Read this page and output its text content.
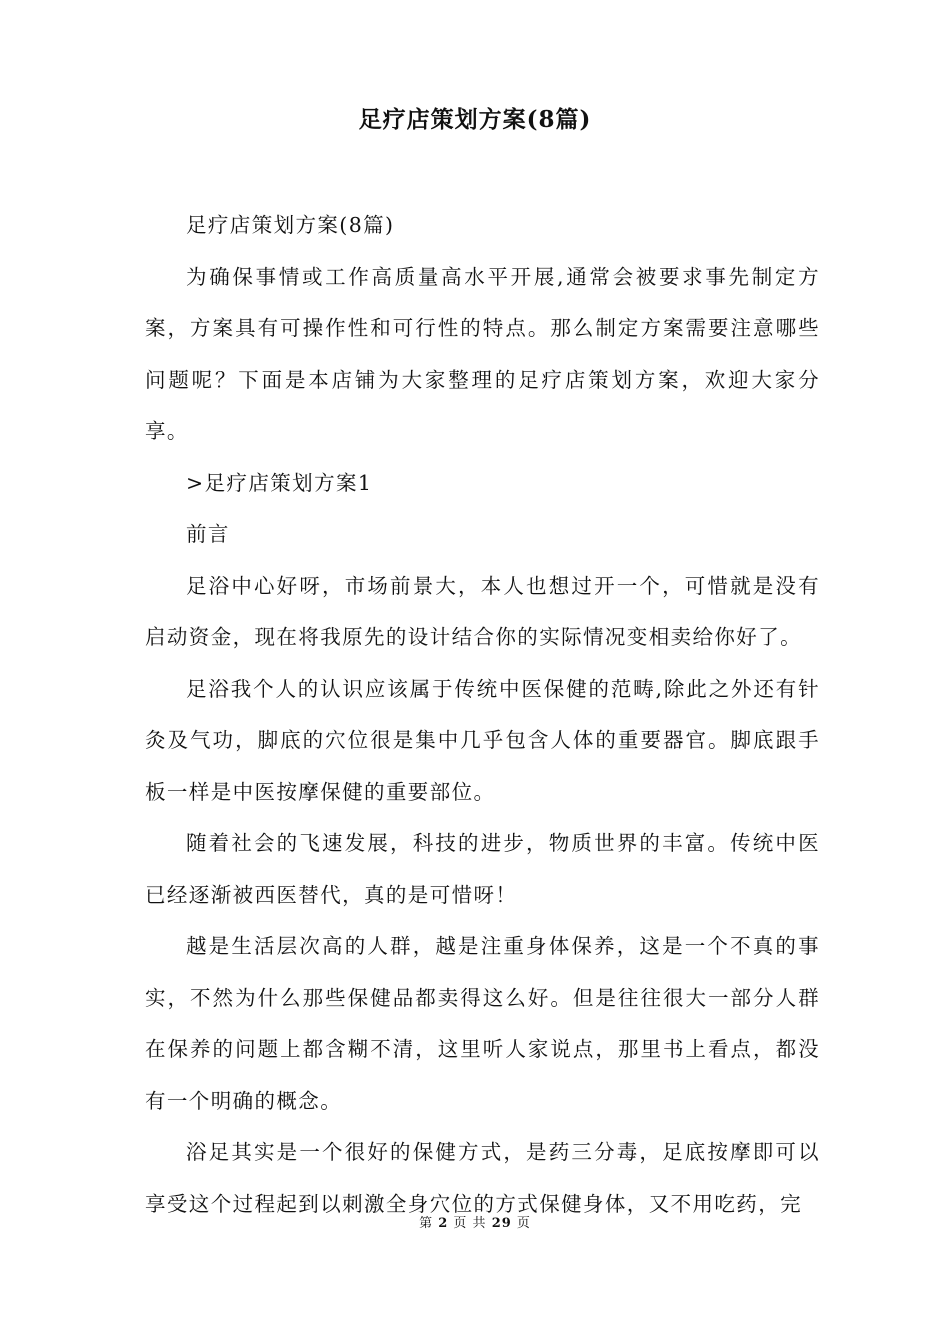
足疗店策划方案(8篇)

足疗店策划方案(8篇)

为确保事情或工作高质量高水平开展,通常会被要求事先制定方案，方案具有可操作性和可行性的特点。那么制定方案需要注意哪些问题呢？下面是本店铺为大家整理的足疗店策划方案，欢迎大家分享。

>足疗店策划方案1

前言

足浴中心好呀，市场前景大，本人也想过开一个，可惜就是没有启动资金，现在将我原先的设计结合你的实际情况变相卖给你好了。

足浴我个人的认识应该属于传统中医保健的范畴,除此之外还有针灸及气功，脚底的穴位很是集中几乎包含人体的重要器官。脚底跟手板一样是中医按摩保健的重要部位。

随着社会的飞速发展，科技的进步，物质世界的丰富。传统中医已经逐渐被西医替代，真的是可惜呀！

越是生活层次高的人群，越是注重身体保养，这是一个不真的事实，不然为什么那些保健品都卖得这么好。但是往往很大一部分人群在保养的问题上都含糊不清，这里听人家说点，那里书上看点，都没有一个明确的概念。

浴足其实是一个很好的保健方式，是药三分毒，足底按摩即可以享受这个过程起到以刺激全身穴位的方式保健身体，又不用吃药，完

第 2 页 共 29 页
